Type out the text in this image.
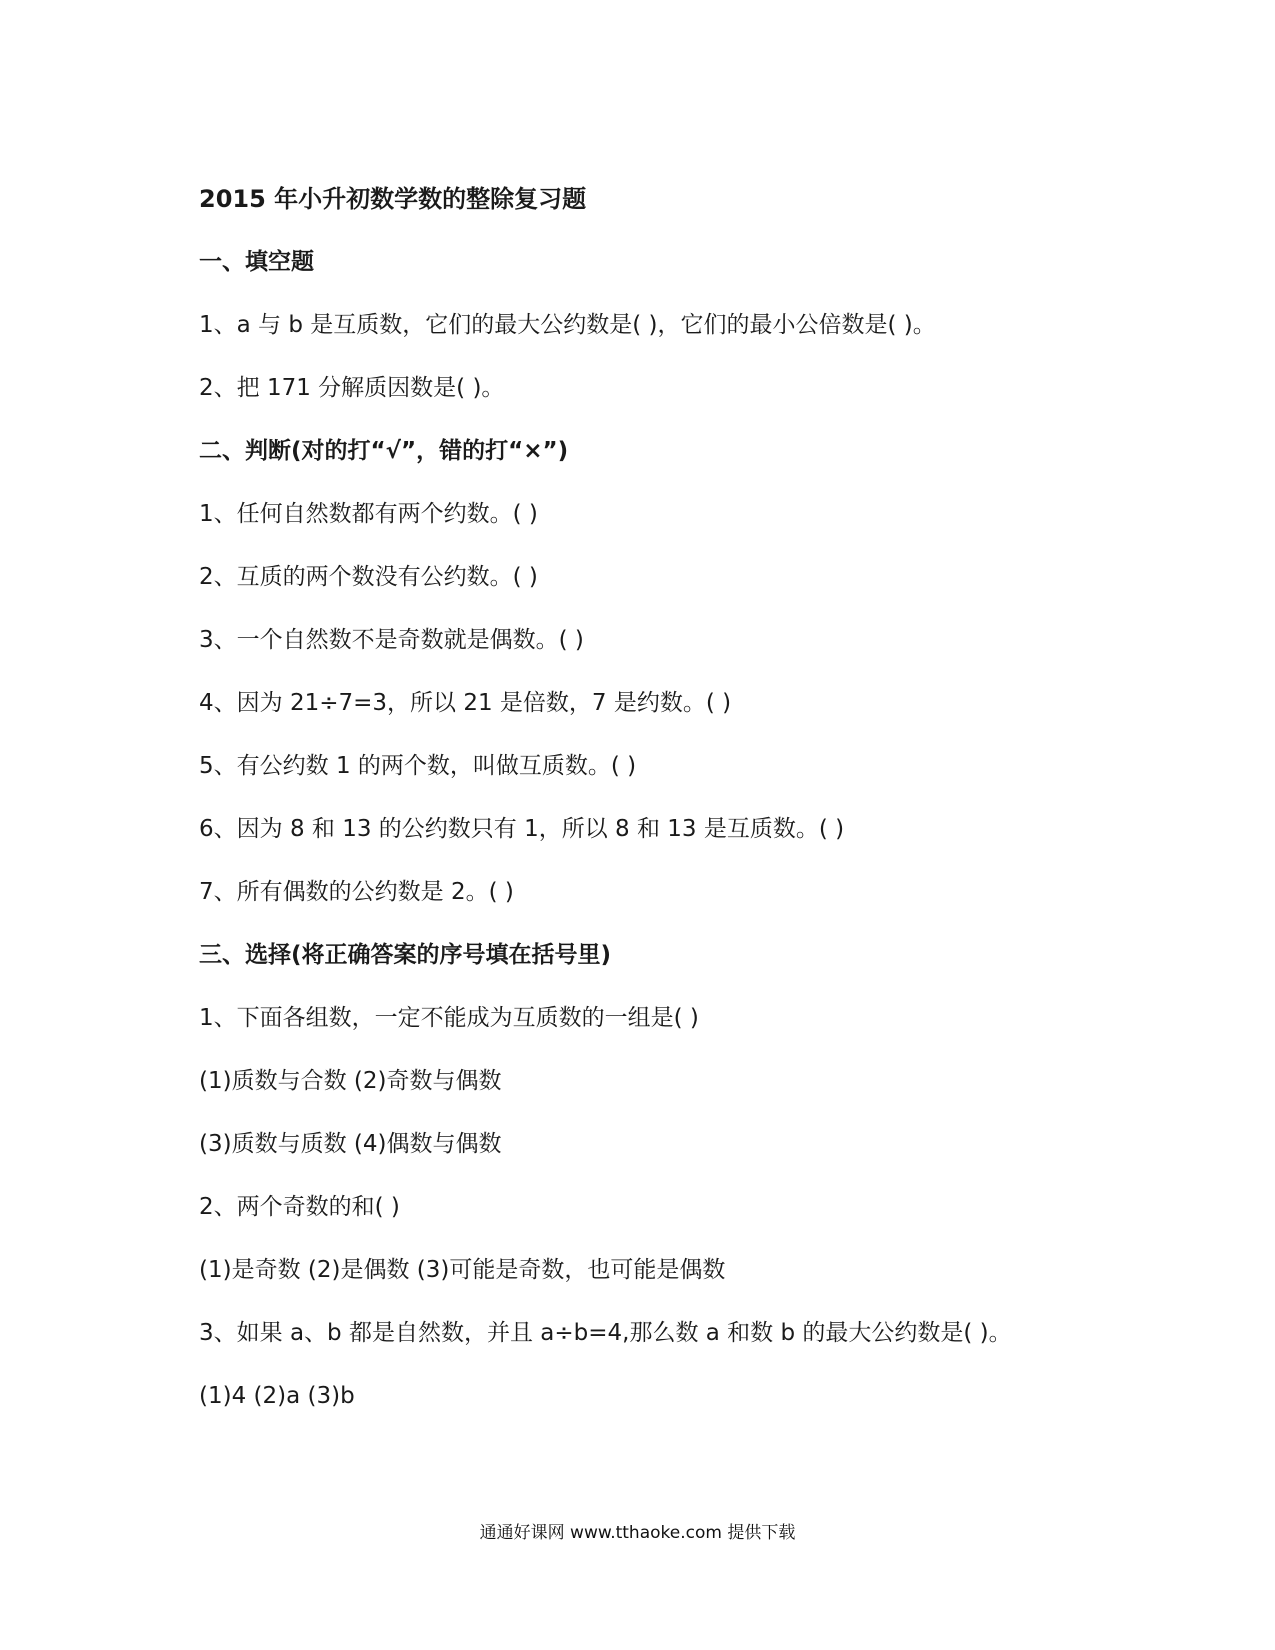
2015 年小升初数学数的整除复习题
一、填空题
1、a 与 b 是互质数，它们的最大公约数是( )，它们的最小公倍数是( )。
2、把 171 分解质因数是( )。
二、判断(对的打“√”，错的打“×”)
1、任何自然数都有两个约数。( )
2、互质的两个数没有公约数。( )
3、一个自然数不是奇数就是偶数。( )
4、因为 21÷7=3，所以 21 是倍数，7 是约数。( )
5、有公约数 1 的两个数，叫做互质数。( )
6、因为 8 和 13 的公约数只有 1，所以 8 和 13 是互质数。( )
7、所有偶数的公约数是 2。( )
三、选择(将正确答案的序号填在括号里)
1、下面各组数，一定不能成为互质数的一组是( )
(1)质数与合数 (2)奇数与偶数
(3)质数与质数 (4)偶数与偶数
2、两个奇数的和( )
(1)是奇数 (2)是偶数 (3)可能是奇数，也可能是偶数
3、如果 a、b 都是自然数，并且 a÷b=4,那么数 a 和数 b 的最大公约数是( )。
(1)4 (2)a (3)b
通通好课网 www.tthaoke.com 提供下载
